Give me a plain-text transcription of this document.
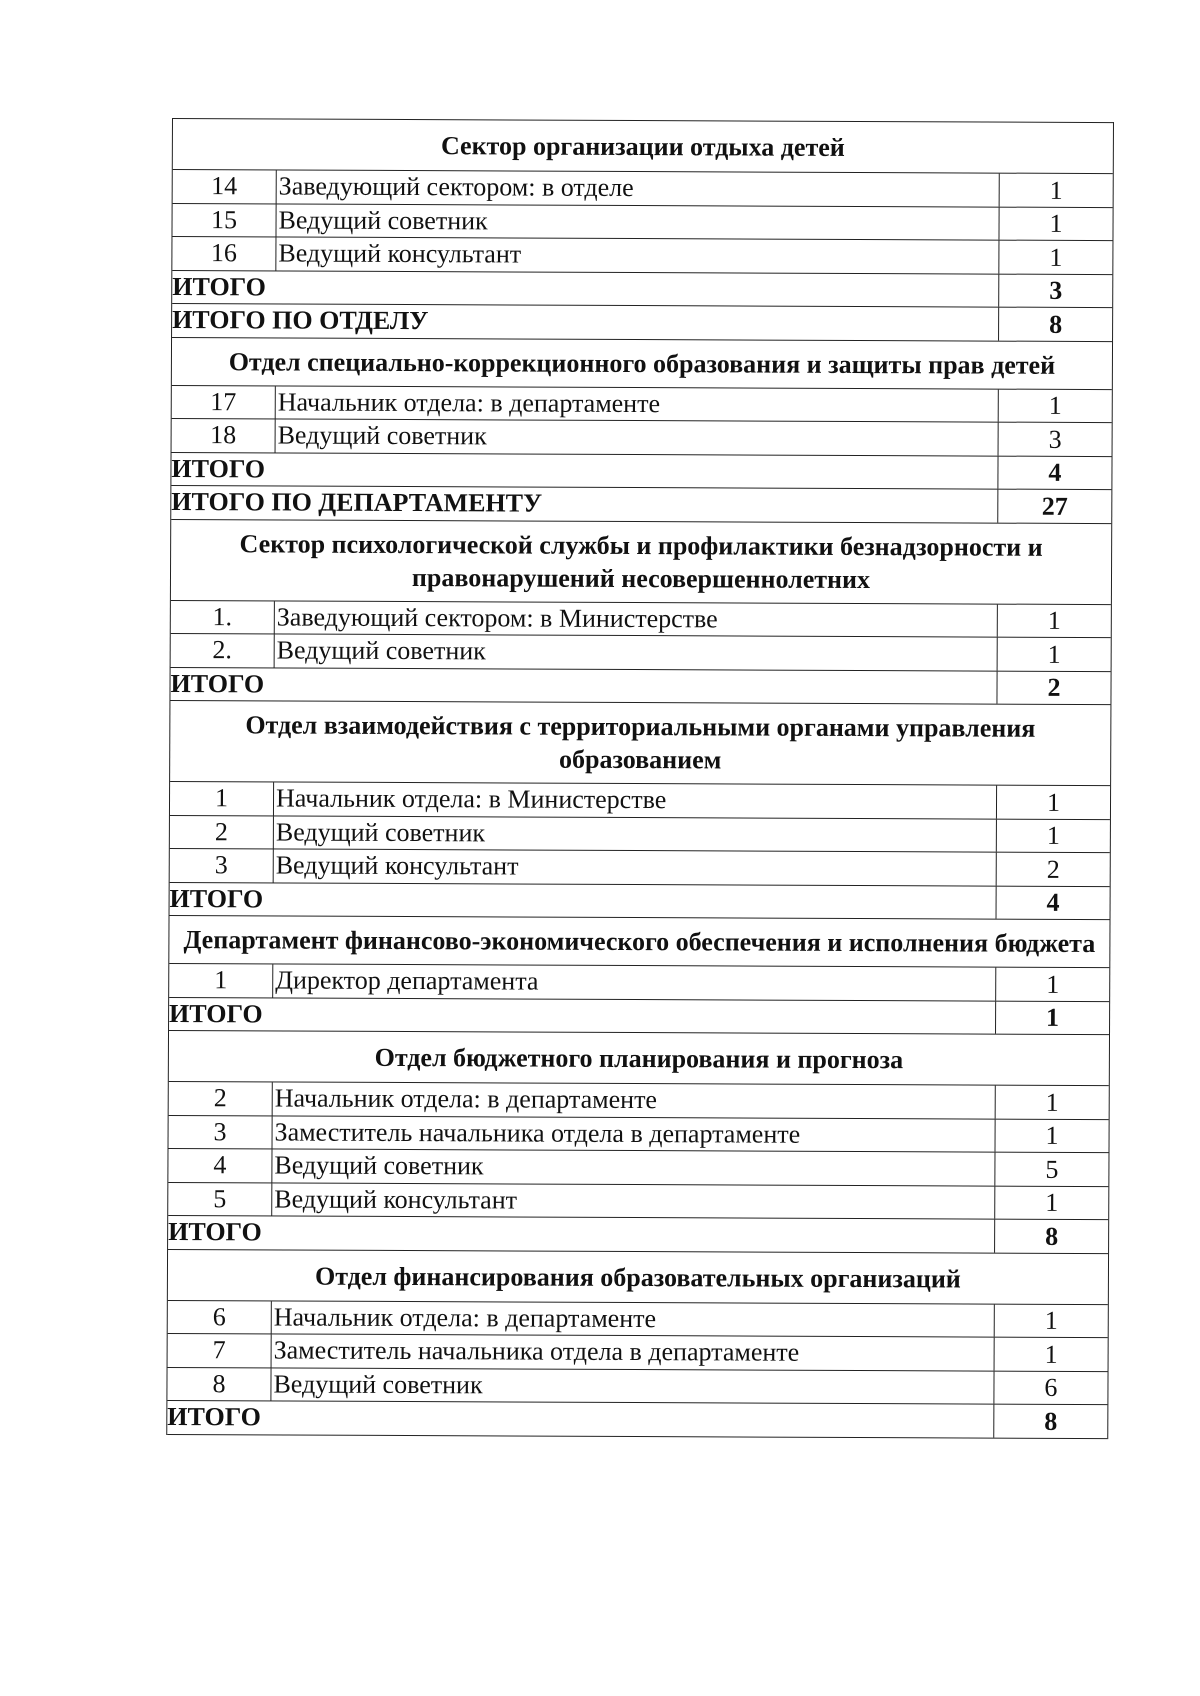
Сектор организации отдыха детей
14	Заведующий сектором: в отделе	1
15	Ведущий советник	1
16	Ведущий консультант	1
ИТОГО	3
ИТОГО ПО ОТДЕЛУ	8
Отдел специально-коррекционного образования и защиты прав детей
17	Начальник отдела: в департаменте	1
18	Ведущий советник	3
ИТОГО	4
ИТОГО ПО ДЕПАРТАМЕНТУ	27
Сектор психологической службы и профилактики безнадзорности и правонарушений несовершеннолетних
1.	Заведующий сектором: в Министерстве	1
2.	Ведущий советник	1
ИТОГО	2
Отдел взаимодействия с территориальными органами управления образованием
1	Начальник отдела: в Министерстве	1
2	Ведущий советник	1
3	Ведущий консультант	2
ИТОГО	4
Департамент финансово-экономического обеспечения и исполнения бюджета
1	Директор департамента	1
ИТОГО	1
Отдел бюджетного планирования и прогноза
2	Начальник отдела: в департаменте	1
3	Заместитель начальника отдела в департаменте	1
4	Ведущий советник	5
5	Ведущий консультант	1
ИТОГО	8
Отдел финансирования образовательных организаций
6	Начальник отдела: в департаменте	1
7	Заместитель начальника отдела в департаменте	1
8	Ведущий советник	6
ИТОГО	8
